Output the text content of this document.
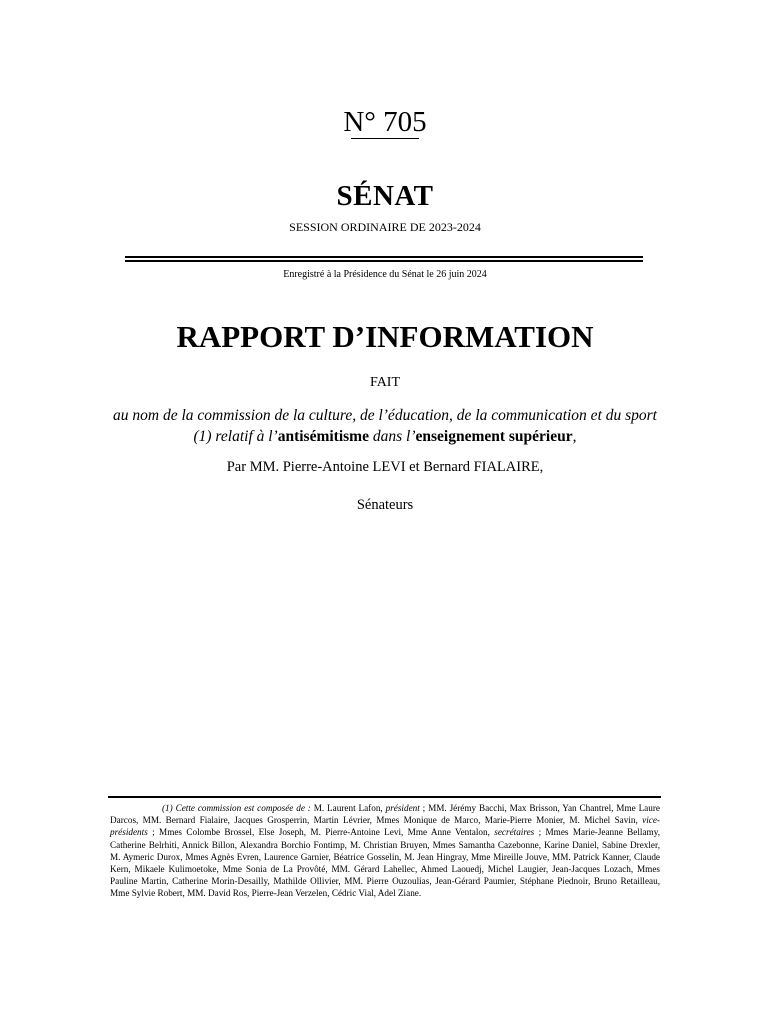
N° 705
SÉNAT
SESSION ORDINAIRE DE 2023-2024
Enregistré à la Présidence du Sénat le 26 juin 2024
RAPPORT D’INFORMATION
FAIT
au nom de la commission de la culture, de l’éducation, de la communication et du sport (1) relatif à l’antisémitisme dans l’enseignement supérieur,
Par MM. Pierre-Antoine LEVI et Bernard FIALAIRE,
Sénateurs
(1) Cette commission est composée de : M. Laurent Lafon, président ; MM. Jérémy Bacchi, Max Brisson, Yan Chantrel, Mme Laure Darcos, MM. Bernard Fialaire, Jacques Grosperrin, Martin Lévrier, Mmes Monique de Marco, Marie-Pierre Monier, M. Michel Savin, vice-présidents ; Mmes Colombe Brossel, Else Joseph, M. Pierre-Antoine Levi, Mme Anne Ventalon, secrétaires ; Mmes Marie-Jeanne Bellamy, Catherine Belrhiti, Annick Billon, Alexandra Borchio Fontimp, M. Christian Bruyen, Mmes Samantha Cazebonne, Karine Daniel, Sabine Drexler, M. Aymeric Durox, Mmes Agnès Evren, Laurence Garnier, Béatrice Gosselin, M. Jean Hingray, Mme Mireille Jouve, MM. Patrick Kanner, Claude Kern, Mikaele Kulimoetoke, Mme Sonia de La Provôté, MM. Gérard Lahellec, Ahmed Laouedj, Michel Laugier, Jean-Jacques Lozach, Mmes Pauline Martin, Catherine Morin-Desailly, Mathilde Ollivier, MM. Pierre Ouzoulias, Jean-Gérard Paumier, Stéphane Piednoir, Bruno Retailleau, Mme Sylvie Robert, MM. David Ros, Pierre-Jean Verzelen, Cédric Vial, Adel Ziane.
